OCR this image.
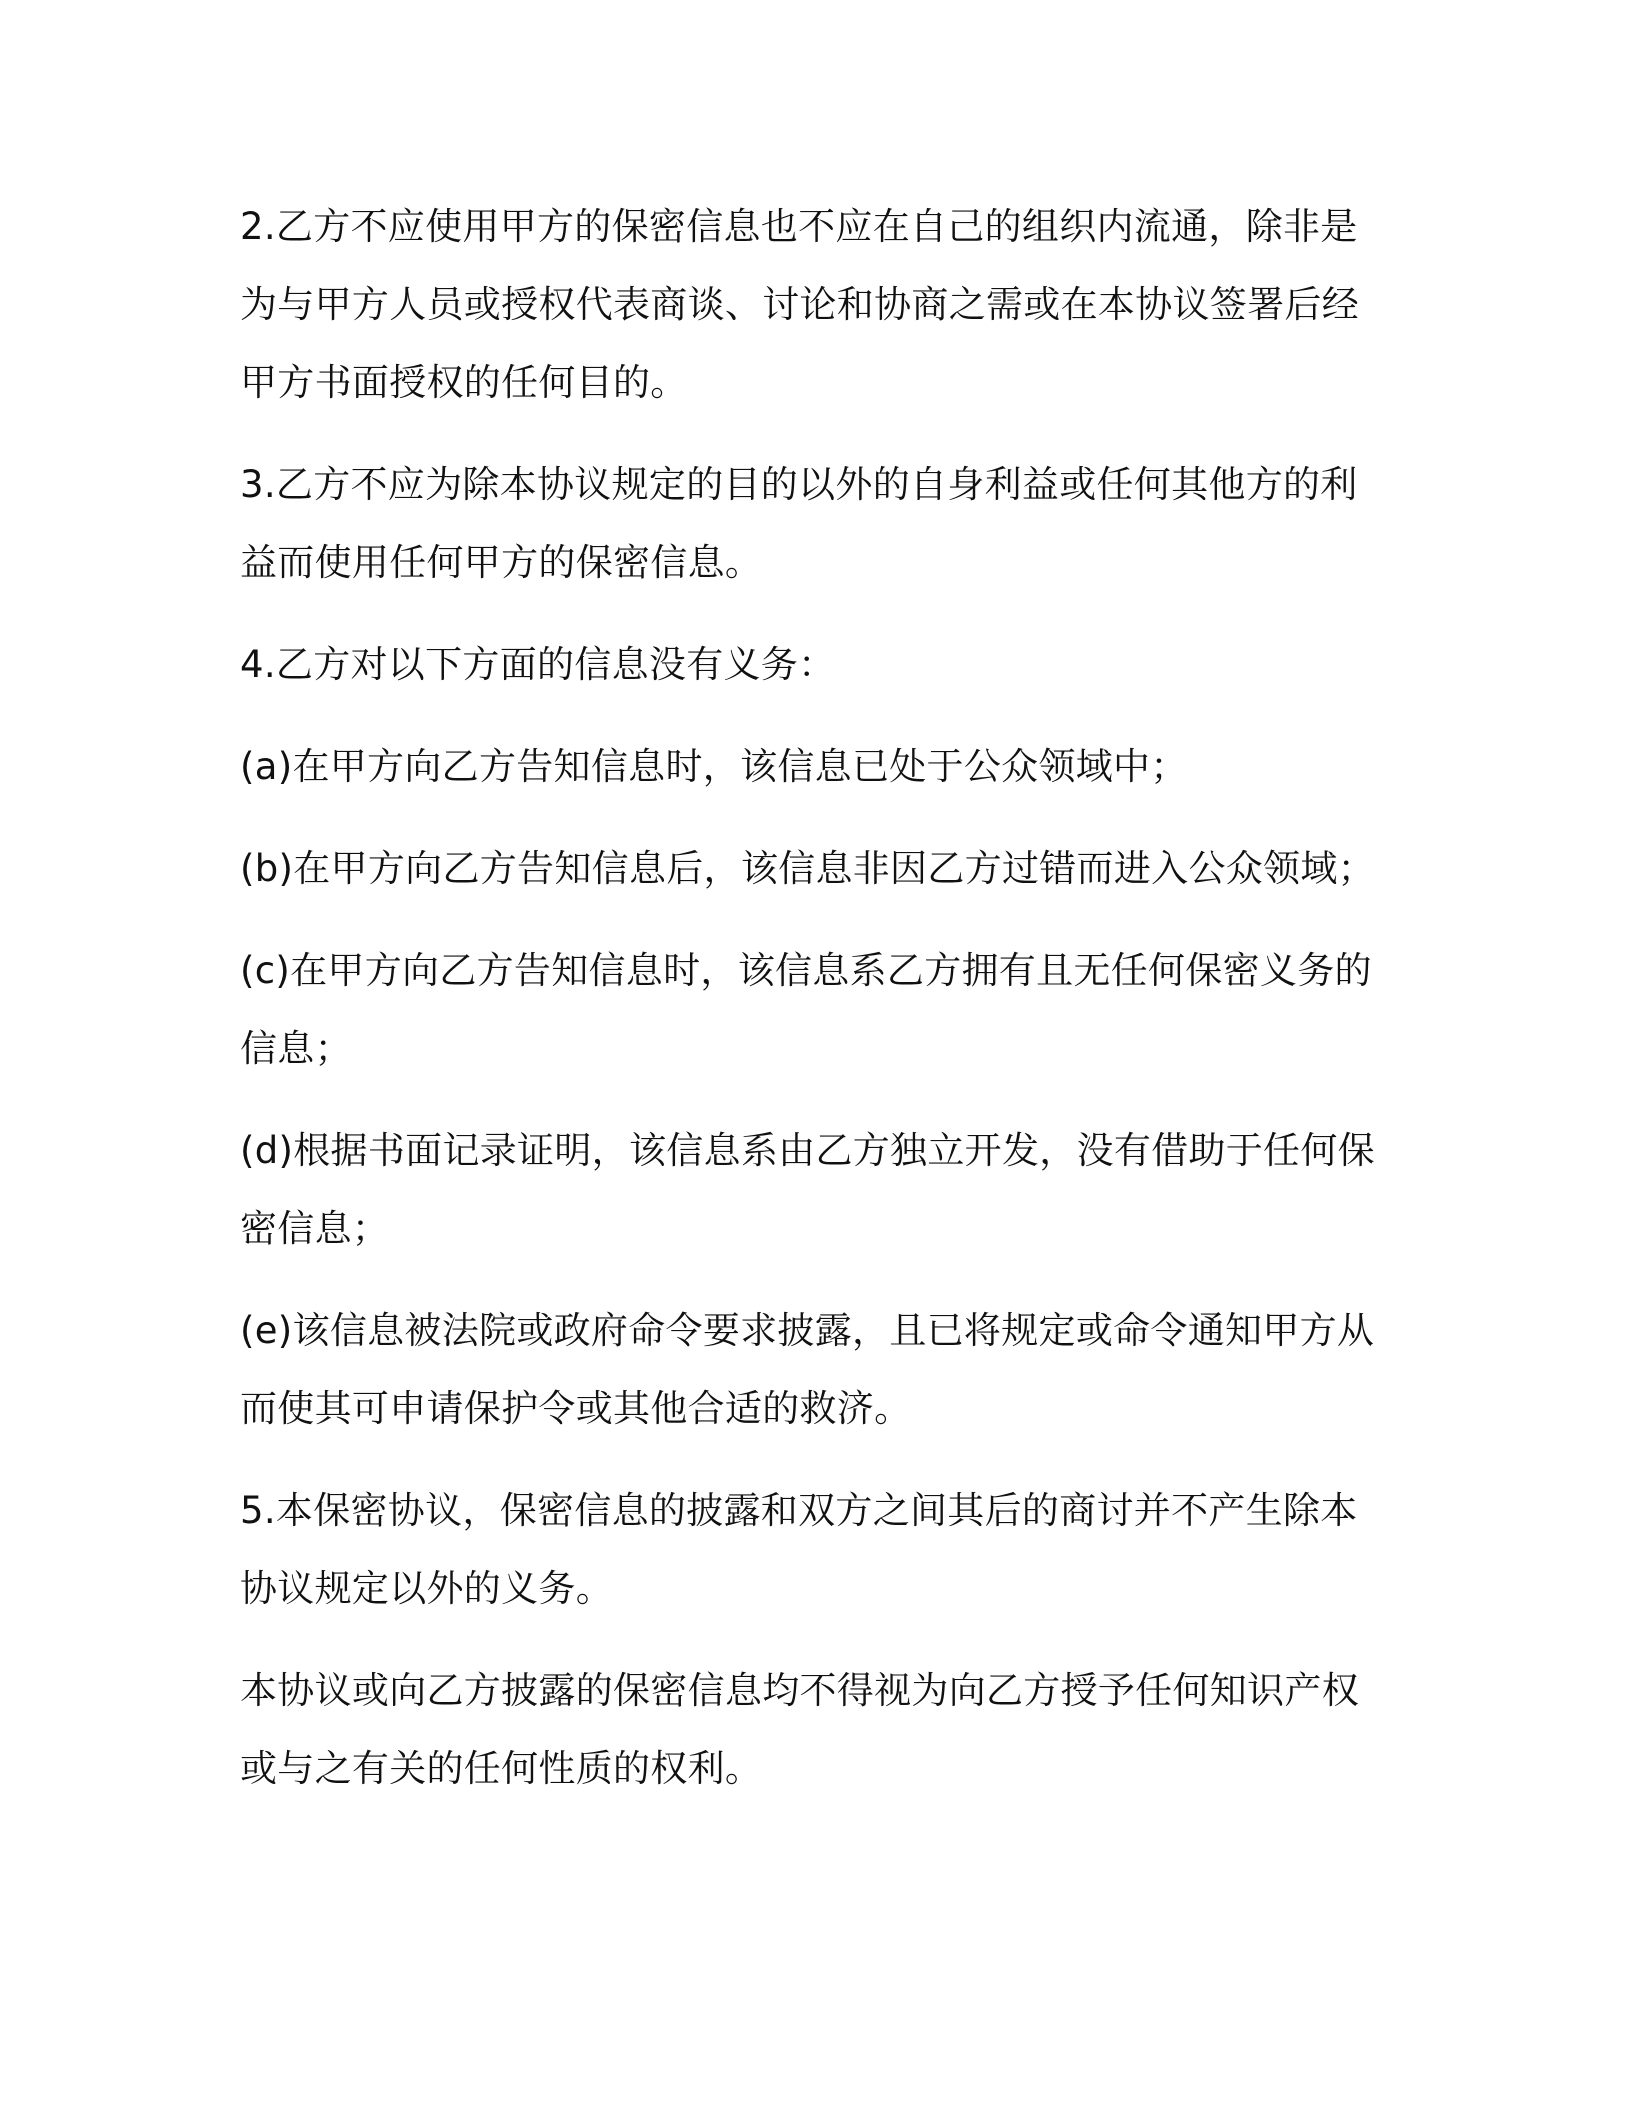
2.乙方不应使用甲方的保密信息也不应在自己的组织内流通，除非是为与甲方人员或授权代表商谈、讨论和协商之需或在本协议签署后经甲方书面授权的任何目的。

3.乙方不应为除本协议规定的目的以外的自身利益或任何其他方的利益而使用任何甲方的保密信息。

4.乙方对以下方面的信息没有义务：

(a)在甲方向乙方告知信息时，该信息已处于公众领域中；

(b)在甲方向乙方告知信息后，该信息非因乙方过错而进入公众领域；

(c)在甲方向乙方告知信息时，该信息系乙方拥有且无任何保密义务的信息；

(d)根据书面记录证明，该信息系由乙方独立开发，没有借助于任何保密信息；

(e)该信息被法院或政府命令要求披露，且已将规定或命令通知甲方从而使其可申请保护令或其他合适的救济。

5.本保密协议，保密信息的披露和双方之间其后的商讨并不产生除本协议规定以外的义务。

本协议或向乙方披露的保密信息均不得视为向乙方授予任何知识产权或与之有关的任何性质的权利。
